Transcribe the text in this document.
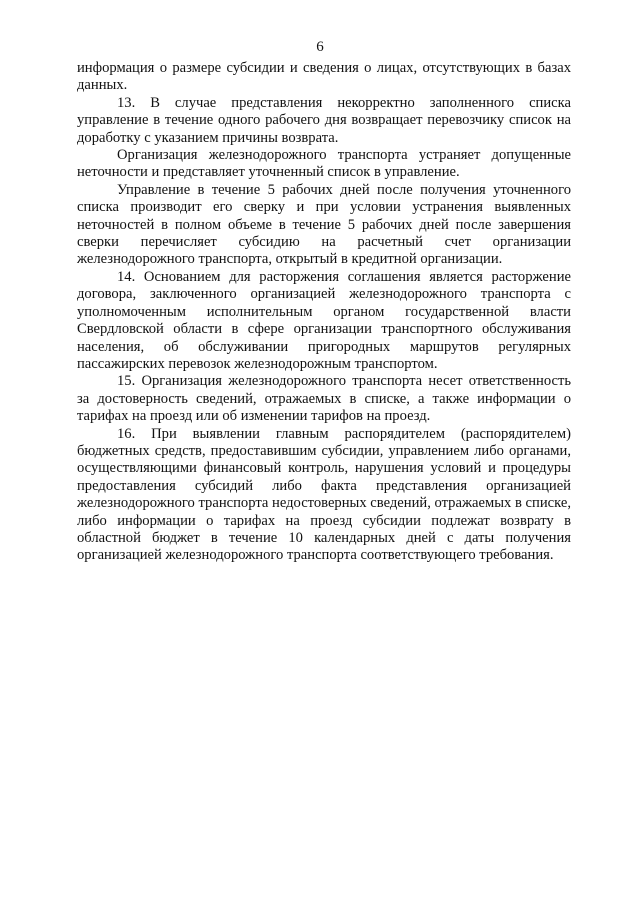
6

информация о размере субсидии и сведения о лицах, отсутствующих в базах данных.

13. В случае представления некорректно заполненного списка управление в течение одного рабочего дня возвращает перевозчику список на доработку с указанием причины возврата.

Организация железнодорожного транспорта устраняет допущенные неточности и представляет уточненный список в управление.

Управление в течение 5 рабочих дней после получения уточненного списка производит его сверку и при условии устранения выявленных неточностей в полном объеме в течение 5 рабочих дней после завершения сверки перечисляет субсидию на расчетный счет организации железнодорожного транспорта, открытый в кредитной организации.

14. Основанием для расторжения соглашения является расторжение договора, заключенного организацией железнодорожного транспорта с уполномоченным исполнительным органом государственной власти Свердловской области в сфере организации транспортного обслуживания населения, об обслуживании пригородных маршрутов регулярных пассажирских перевозок железнодорожным транспортом.

15. Организация железнодорожного транспорта несет ответственность за достоверность сведений, отражаемых в списке, а также информации о тарифах на проезд или об изменении тарифов на проезд.

16. При выявлении главным распорядителем (распорядителем) бюджетных средств, предоставившим субсидии, управлением либо органами, осуществляющими финансовый контроль, нарушения условий и процедуры предоставления субсидий либо факта представления организацией железнодорожного транспорта недостоверных сведений, отражаемых в списке, либо информации о тарифах на проезд субсидии подлежат возврату в областной бюджет в течение 10 календарных дней с даты получения организацией железнодорожного транспорта соответствующего требования.
